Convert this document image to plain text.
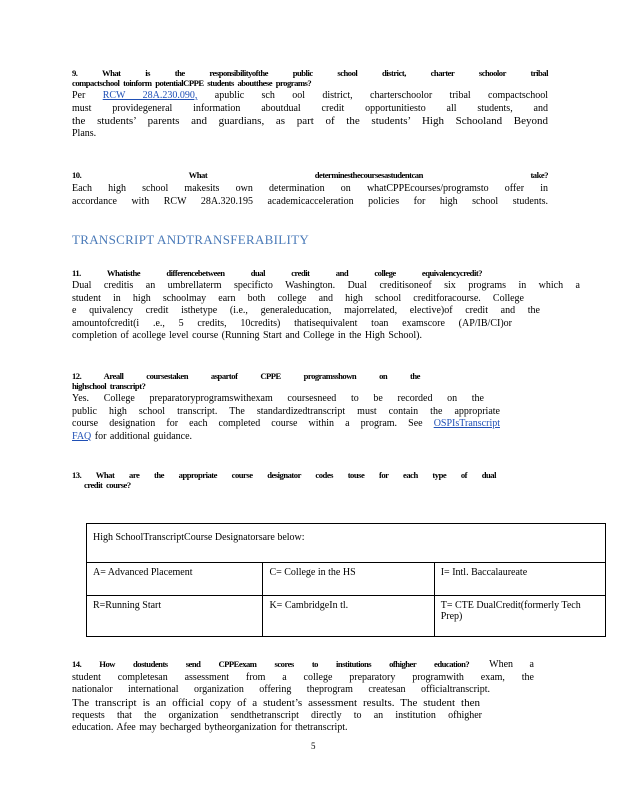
9. What is the responsibilityofthe public school district, charter schoolor tribal
compactschool toinform potentialCPPE students aboutthese programs?
Per RCW 28A.230.090, apublic sch ool district, charterschoolor tribal compactschool
must providegeneral information aboutdual credit opportunitiesto all students, and
the students’ parents and guardians, as part of the students’ High Schooland Beyond
Plans.
10. What determinesthecoursesastudentcan take?
Each high school makesits own determination on whatCPPEcourses/programsto offer in
accordance with RCW 28A.320.195 academicacceleration policies for high school students.
TRANSCRIPT ANDTRANSFERABILITY
11. Whatisthe differencebetween dual credit and college equivalencycredit?
Dual creditis an umbrellaterm specificto Washington. Dual creditisoneof six programs in which a
student in high schoolmay earn both college and high school creditforacourse. College
e quivalency credit isthetype (i.e., generaleducation, majorrelated, elective)of credit and the
amountofcredit(i .e., 5 credits, 10credits) thatisequivalent toan examscore (AP/IB/CI)or
completion of acollege level course (Running Start and College in the High School).
12. Areall coursestaken aspartof CPPE programsshown on the
highschool transcript?
Yes. College preparatoryprogramswithexam coursesneed to be recorded on the
public high school transcript. The standardizedtranscript must contain the appropriate
course designation for each completed course within a program. See OSPIsTranscript
FAQ for additional guidance.
13. What are the appropriate course designator codes touse for each type of dual
credit course?
High SchoolTranscriptCourse Designatorsare below:		
A= Advanced Placement	C= College in the HS	I= Intl. Baccalaureate
R=Running Start	K= CambridgeIn tl.	T= CTE DualCredit(formerly Tech Prep)
14. How dostudents send CPPEexam scores to institutions ofhigher education? When a
student completesan assessment from a college preparatory programwith exam, the
nationalor international organization offering theprogram createsan officialtranscript.
The transcript is an official copy of a student’s assessment results. The student then
requests that the organization sendthetranscript directly to an institution ofhigher
education. Afee may becharged bytheorganization for thetranscript.
5
